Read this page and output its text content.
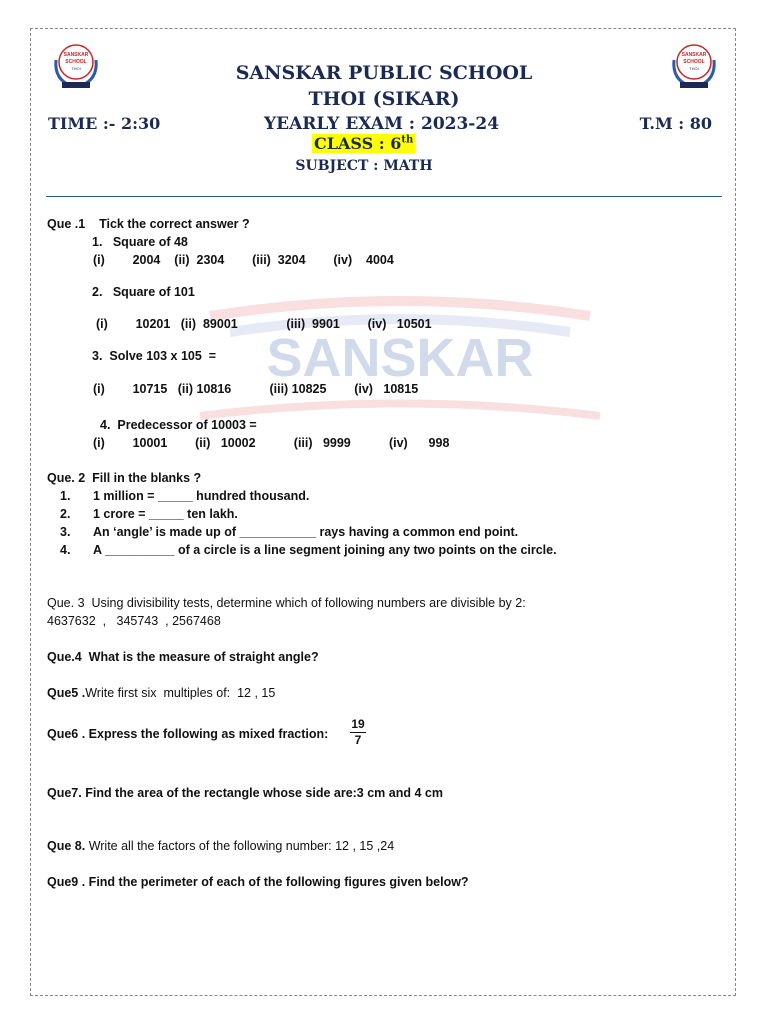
SANSKAR
SCHOOL
THOI
SANSKAR
SCHOOL
THOI
SANSKAR PUBLIC SCHOOL
THOI (SIKAR)
TIME :- 2:30	YEARLY EXAM : 2023-24	T.M : 80
CLASS : 6th
SUBJECT : MATH
SANSKAR
Que .1    Tick the correct answer ?
1.   Square of 48
(i)        2004    (ii)  2304        (iii)  3204        (iv)    4004
2.   Square of 101
(i)        10201   (ii)  89001              (iii)  9901        (iv)   10501
3.  Solve 103 x 105  =
(i)        10715   (ii) 10816           (iii) 10825        (iv)   10815
4.  Predecessor of 10003 =
(i)        10001        (ii)   10002           (iii)   9999           (iv)      998
Que. 2  Fill in the blanks ?
1. 1 million = _____ hundred thousand.
2. 1 crore = _____ ten lakh.
3. An ‘angle’ is made up of ___________ rays having a common end point.
4. A __________ of a circle is a line segment joining any two points on the circle.
Que. 3  Using divisibility tests, determine which of following numbers are divisible by 2:
4637632  ,   345743  , 2567468
Que.4  What is the measure of straight angle?
Que5 .Write first six  multiples of:  12 , 15
Que6 . Express the following as mixed fraction: $\frac{19}{7}$
Que7. Find the area of the rectangle whose side are:3 cm and 4 cm
Que 8. Write all the factors of the following number: 12 , 15 ,24
Que9 . Find the perimeter of each of the following figures given below?
